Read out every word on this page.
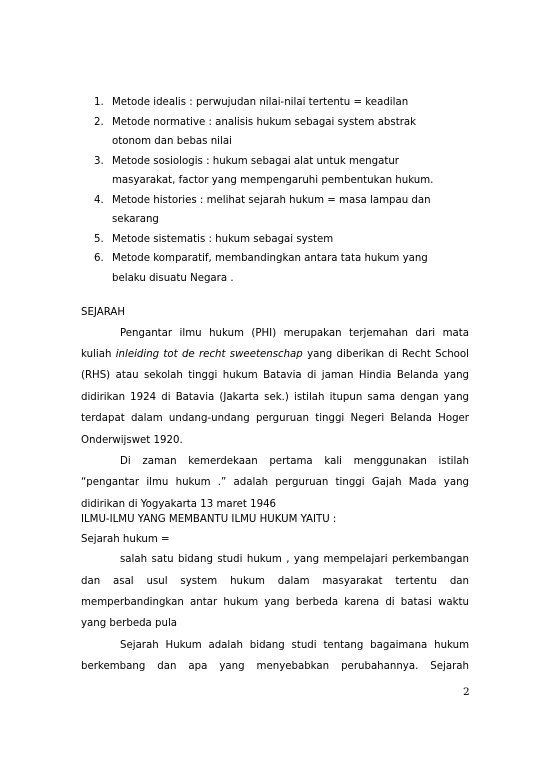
1. Metode idealis : perwujudan nilai-nilai tertentu = keadilan
2. Metode normative : analisis hukum sebagai system abstrak otonom dan bebas nilai
3. Metode sosiologis : hukum sebagai alat untuk mengatur masyarakat, factor yang mempengaruhi pembentukan hukum.
4. Metode histories : melihat sejarah hukum = masa lampau dan sekarang
5. Metode sistematis : hukum sebagai system
6. Metode komparatif, membandingkan antara tata hukum yang belaku disuatu Negara .
SEJARAH

Pengantar ilmu hukum (PHI) merupakan terjemahan dari mata kuliah inleiding tot de recht sweetenschap yang diberikan di Recht School (RHS) atau sekolah tinggi hukum Batavia di jaman Hindia Belanda yang didirikan 1924 di Batavia (Jakarta sek.) istilah itupun sama dengan yang terdapat dalam undang-undang perguruan tinggi Negeri Belanda Hoger Onderwijswet 1920.

Di zaman kemerdekaan pertama kali menggunakan istilah “pengantar ilmu hukum .” adalah perguruan tinggi Gajah Mada yang didirikan di Yogyakarta 13 maret 1946

ILMU-ILMU YANG MEMBANTU ILMU HUKUM YAITU :
Sejarah hukum =

salah satu bidang studi hukum , yang mempelajari perkembangan dan asal usul system hukum dalam masyarakat tertentu dan memperbandingkan antar hukum yang berbeda karena di batasi waktu yang berbeda pula

Sejarah Hukum adalah bidang studi tentang bagaimana hukum berkembang dan apa yang menyebabkan perubahannya. Sejarah

2
